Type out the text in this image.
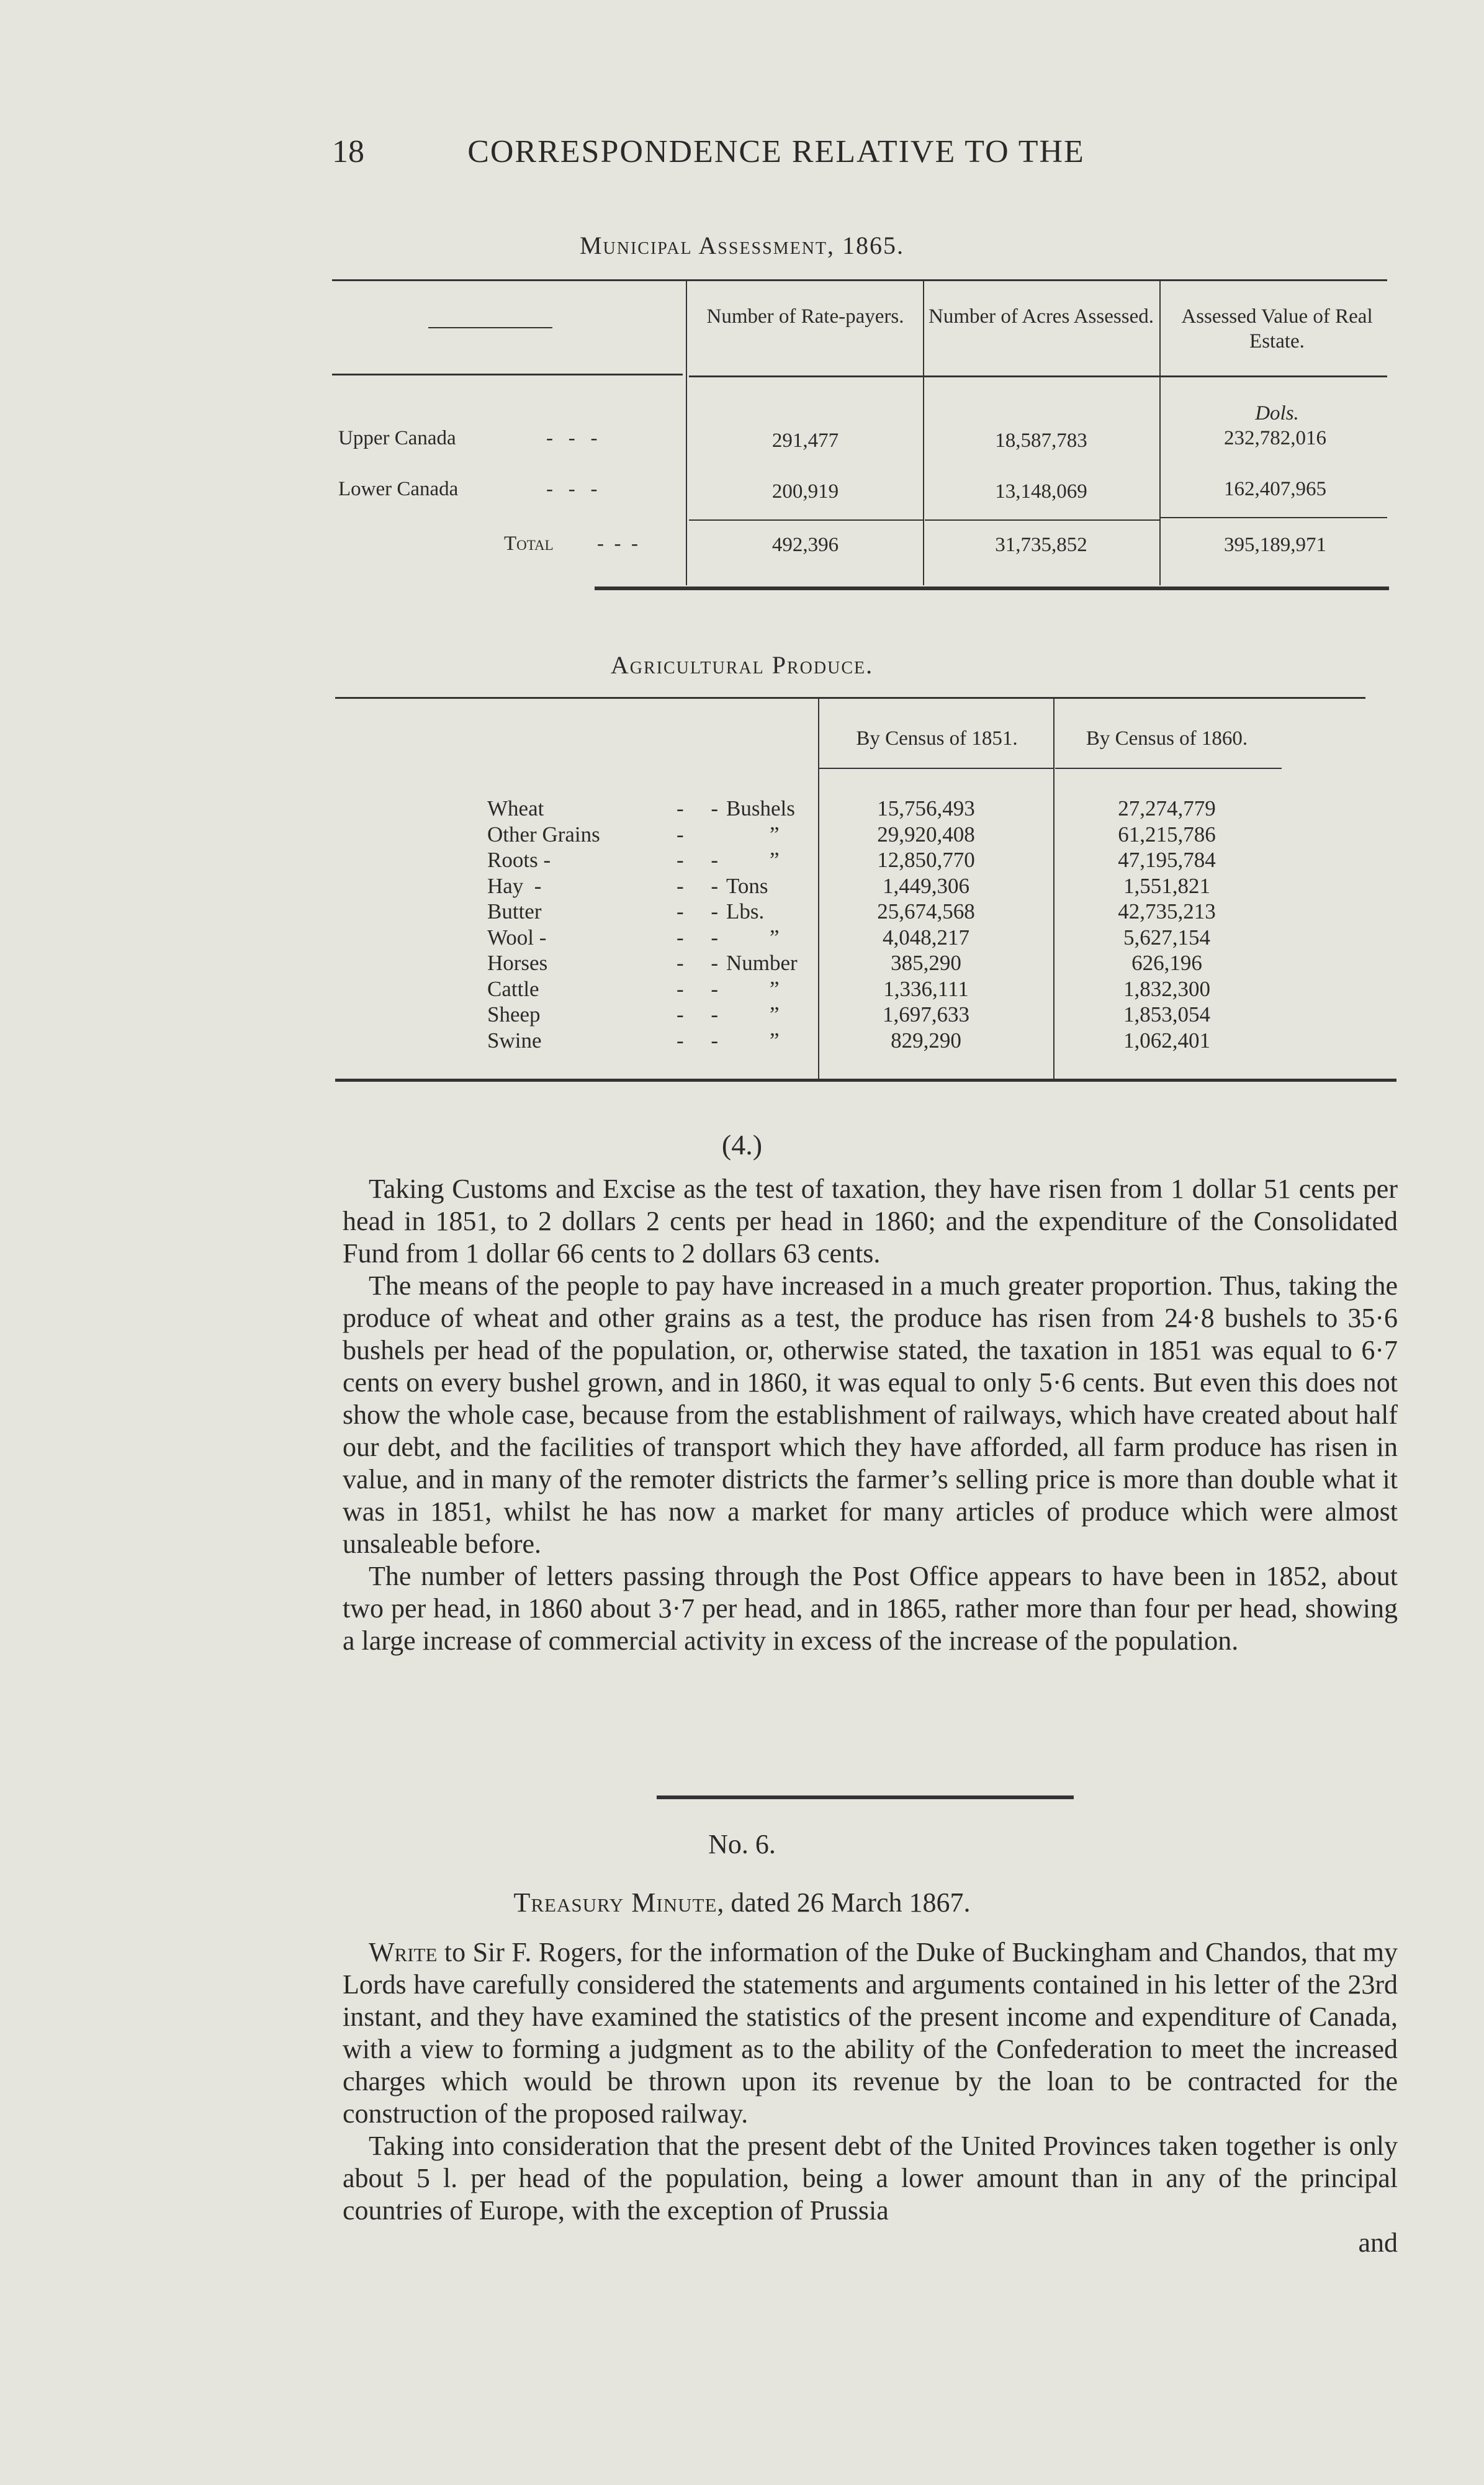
18	CORRESPONDENCE RELATIVE TO THE
Municipal Assessment, 1865.
Number of Rate-payers.	Number of Acres Assessed.	Assessed Value of Real Estate.
Dols.
Upper Canada	-   -   -	291,477	18,587,783	232,782,016
Lower Canada	-   -   -	200,919	13,148,069	162,407,965
Total -  -  -	492,396	31,735,852	395,189,971
Agricultural Produce.
By Census of 1851.	By Census of 1860.
Wheat	-     - Bushels	15,756,493	27,274,779
Other Grains	-	”	29,920,408	61,215,786
Roots -	-     - ”	12,850,770	47,195,784
Hay  -	-     - Tons	1,449,306	1,551,821
Butter	-     - Lbs.	25,674,568	42,735,213
Wool -	-     - ”	4,048,217	5,627,154
Horses	-     - Number	385,290	626,196
Cattle	-     - ”	1,336,111	1,832,300
Sheep	-     - ”	1,697,633	1,853,054
Swine	-     - ”	829,290	1,062,401
(4.)

Taking Customs and Excise as the test of taxation, they have risen from 1 dollar 51 cents per head in 1851, to 2 dollars 2 cents per head in 1860; and the expenditure of the Consolidated Fund from 1 dollar 66 cents to 2 dollars 63 cents.

The means of the people to pay have increased in a much greater proportion. Thus, taking the produce of wheat and other grains as a test, the produce has risen from 24·8 bushels to 35·6 bushels per head of the population, or, otherwise stated, the taxation in 1851 was equal to 6·7 cents on every bushel grown, and in 1860, it was equal to only 5·6 cents. But even this does not show the whole case, because from the establishment of railways, which have created about half our debt, and the facilities of transport which they have afforded, all farm produce has risen in value, and in many of the remoter districts the farmer’s selling price is more than double what it was in 1851, whilst he has now a market for many articles of produce which were almost unsaleable before.

The number of letters passing through the Post Office appears to have been in 1852, about two per head, in 1860 about 3·7 per head, and in 1865, rather more than four per head, showing a large increase of commercial activity in excess of the increase of the population.

No. 6.
Treasury Minute, dated 26 March 1867.

Write to Sir F. Rogers, for the information of the Duke of Buckingham and Chandos, that my Lords have carefully considered the statements and arguments contained in his letter of the 23rd instant, and they have examined the statistics of the present income and expenditure of Canada, with a view to forming a judgment as to the ability of the Confederation to meet the increased charges which would be thrown upon its revenue by the loan to be contracted for the construction of the proposed railway.

Taking into consideration that the present debt of the United Provinces taken together is only about 5 l. per head of the population, being a lower amount than in any of the principal countries of Europe, with the exception of Prussia

and
